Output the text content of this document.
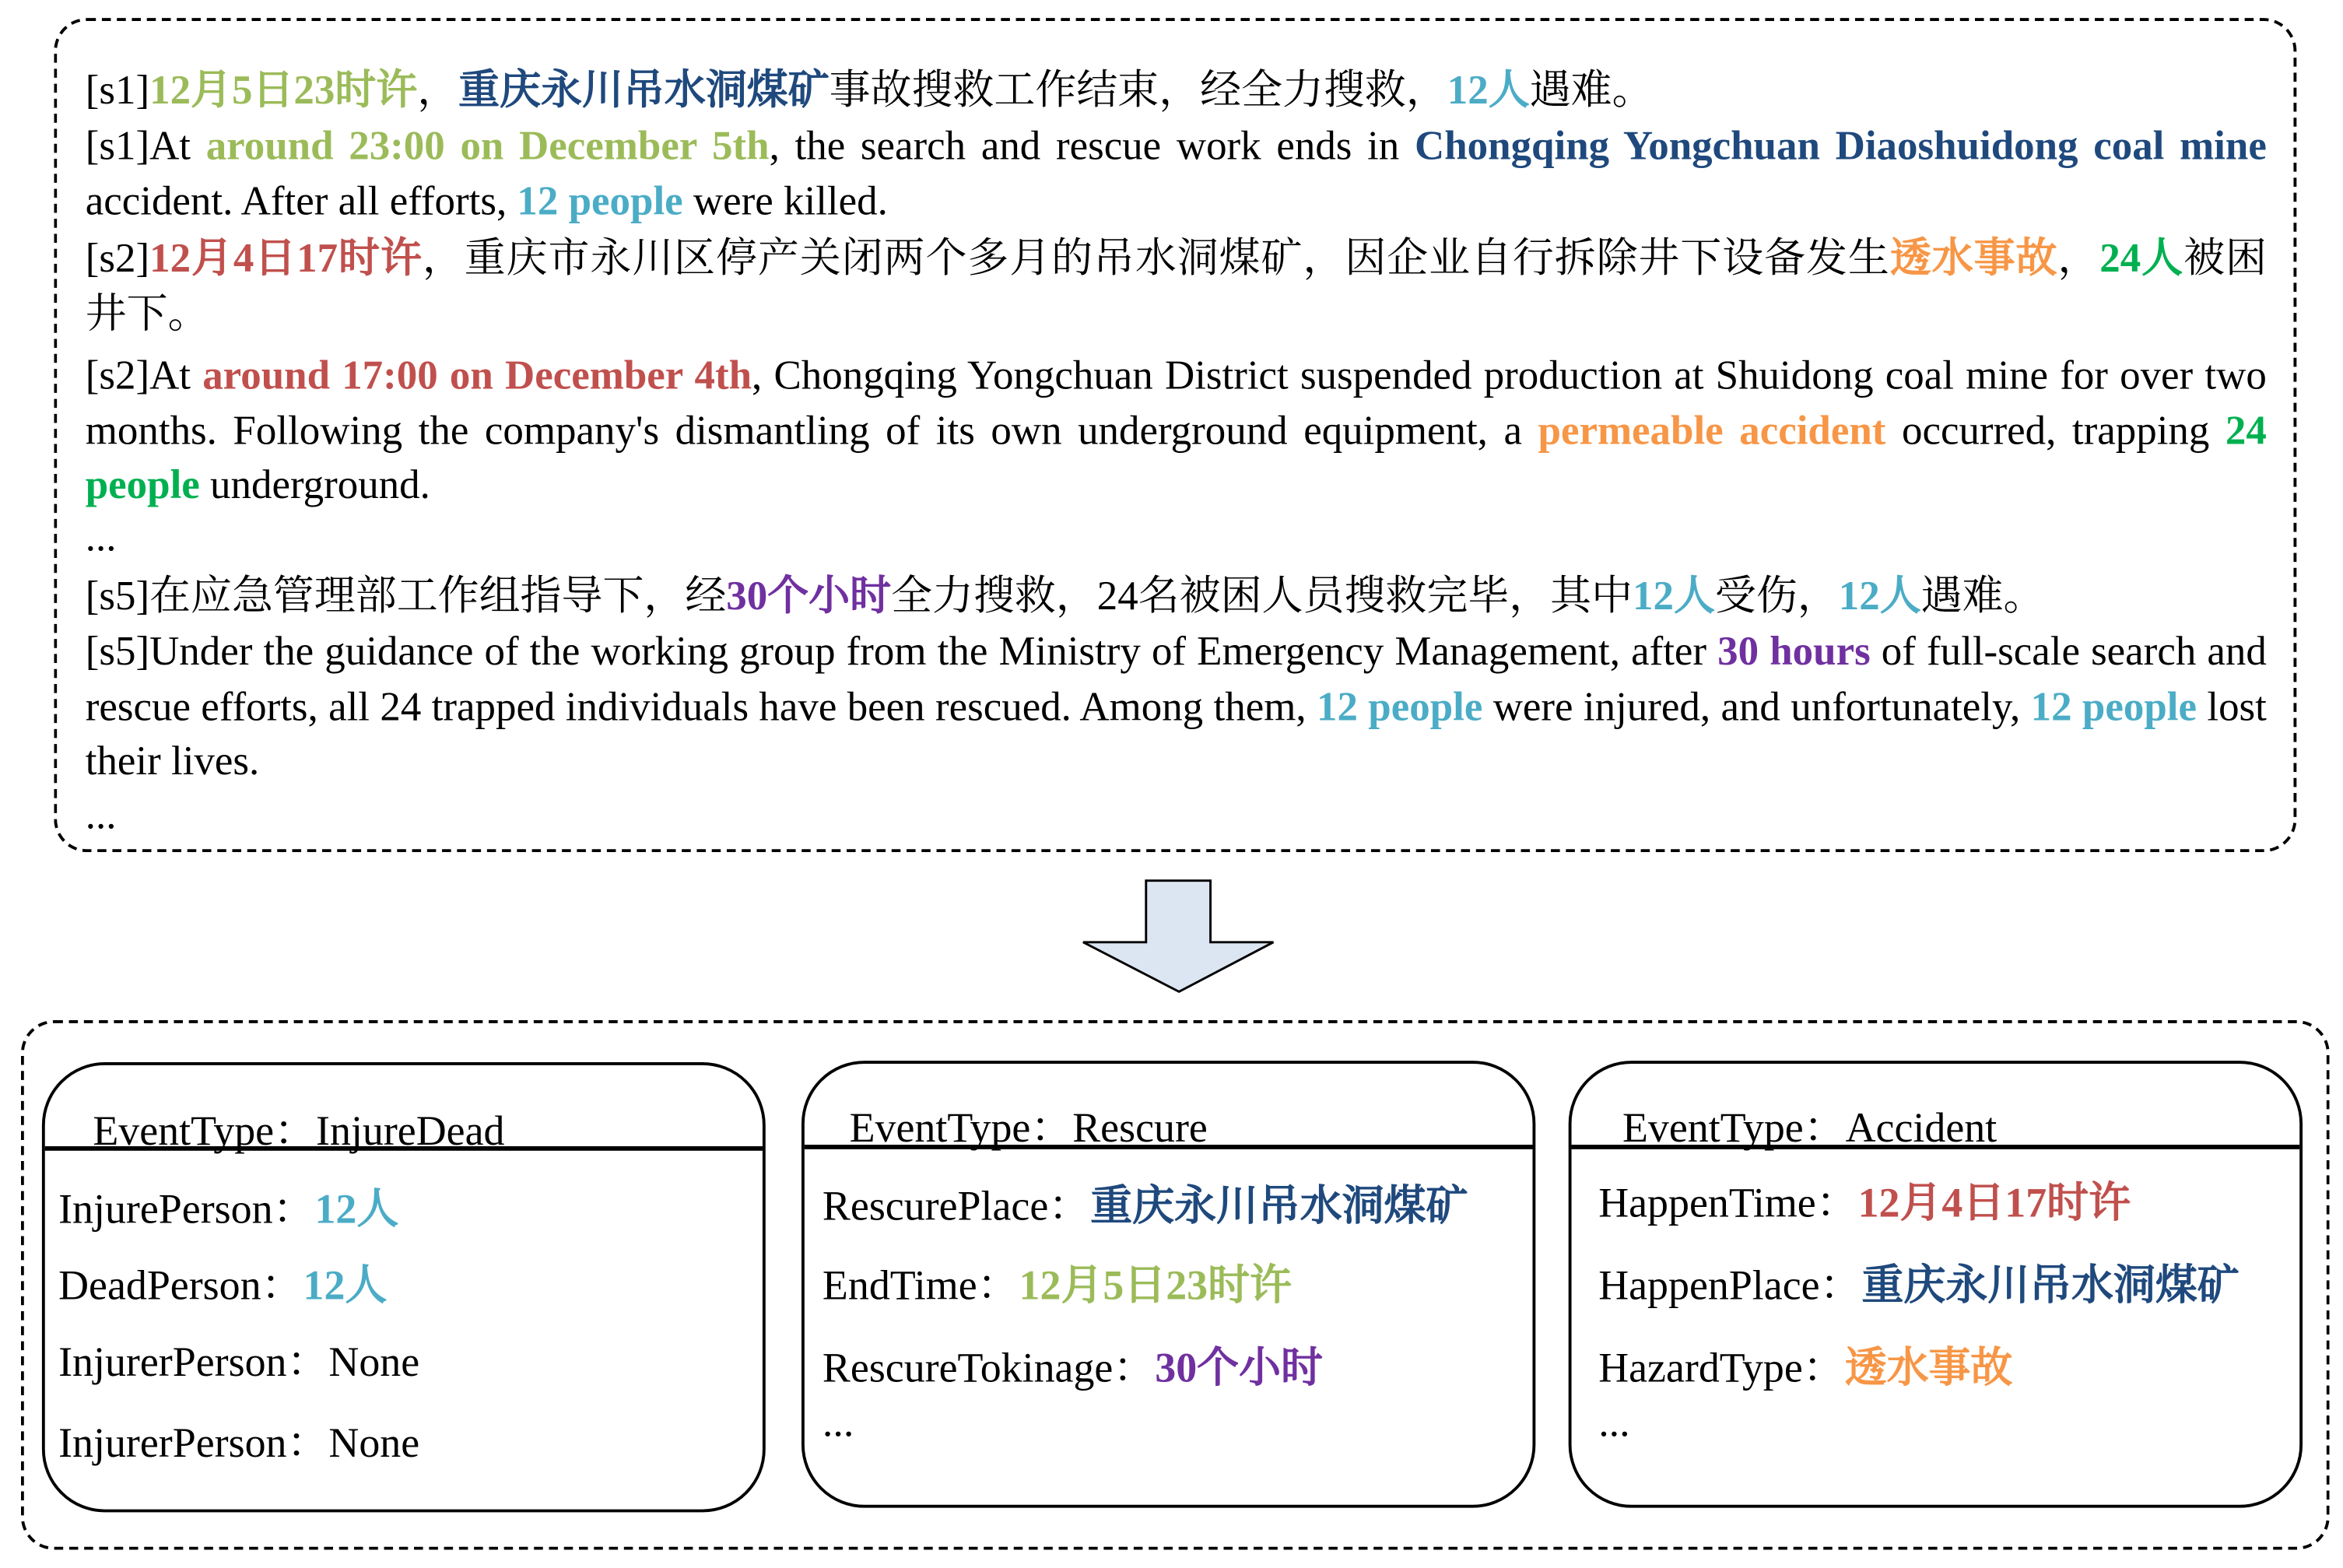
[s1]12月5日23时许，重庆永川吊水洞煤矿事故搜救工作结束，经全力搜救，12人遇难。
[s1]At around 23:00 on December 5th, the search and rescue work ends in Chongqing Yongchuan Diaoshuidong coal mine accident. After all efforts, 12 people were killed.
[s2]12月4日17时许，重庆市永川区停产关闭两个多月的吊水洞煤矿，因企业自行拆除井下设备发生透水事故，24人被困井下。
[s2]At around 17:00 on December 4th, Chongqing Yongchuan District suspended production at Shuidong coal mine for over two months. Following the company's dismantling of its own underground equipment, a permeable accident occurred, trapping 24 people underground.
...
[s5]在应急管理部工作组指导下，经30个小时全力搜救，24名被困人员搜救完毕，其中12人受伤，12人遇难。
[s5]Under the guidance of the working group from the Ministry of Emergency Management, after 30 hours of full-scale search and rescue efforts, all 24 trapped individuals have been rescued. Among them, 12 people were injured, and unfortunately, 12 people lost their lives.
...
EventType：InjureDead
InjurePerson：12人
DeadPerson：12人
InjurerPerson：None
InjurerPerson：None
EventType：Rescure
RescurePlace：重庆永川吊水洞煤矿
EndTime：12月5日23时许
RescureTokinage：30个小时
...
EventType：Accident
HappenTime：12月4日17时许
HappenPlace：重庆永川吊水洞煤矿
HazardType：透水事故
...
